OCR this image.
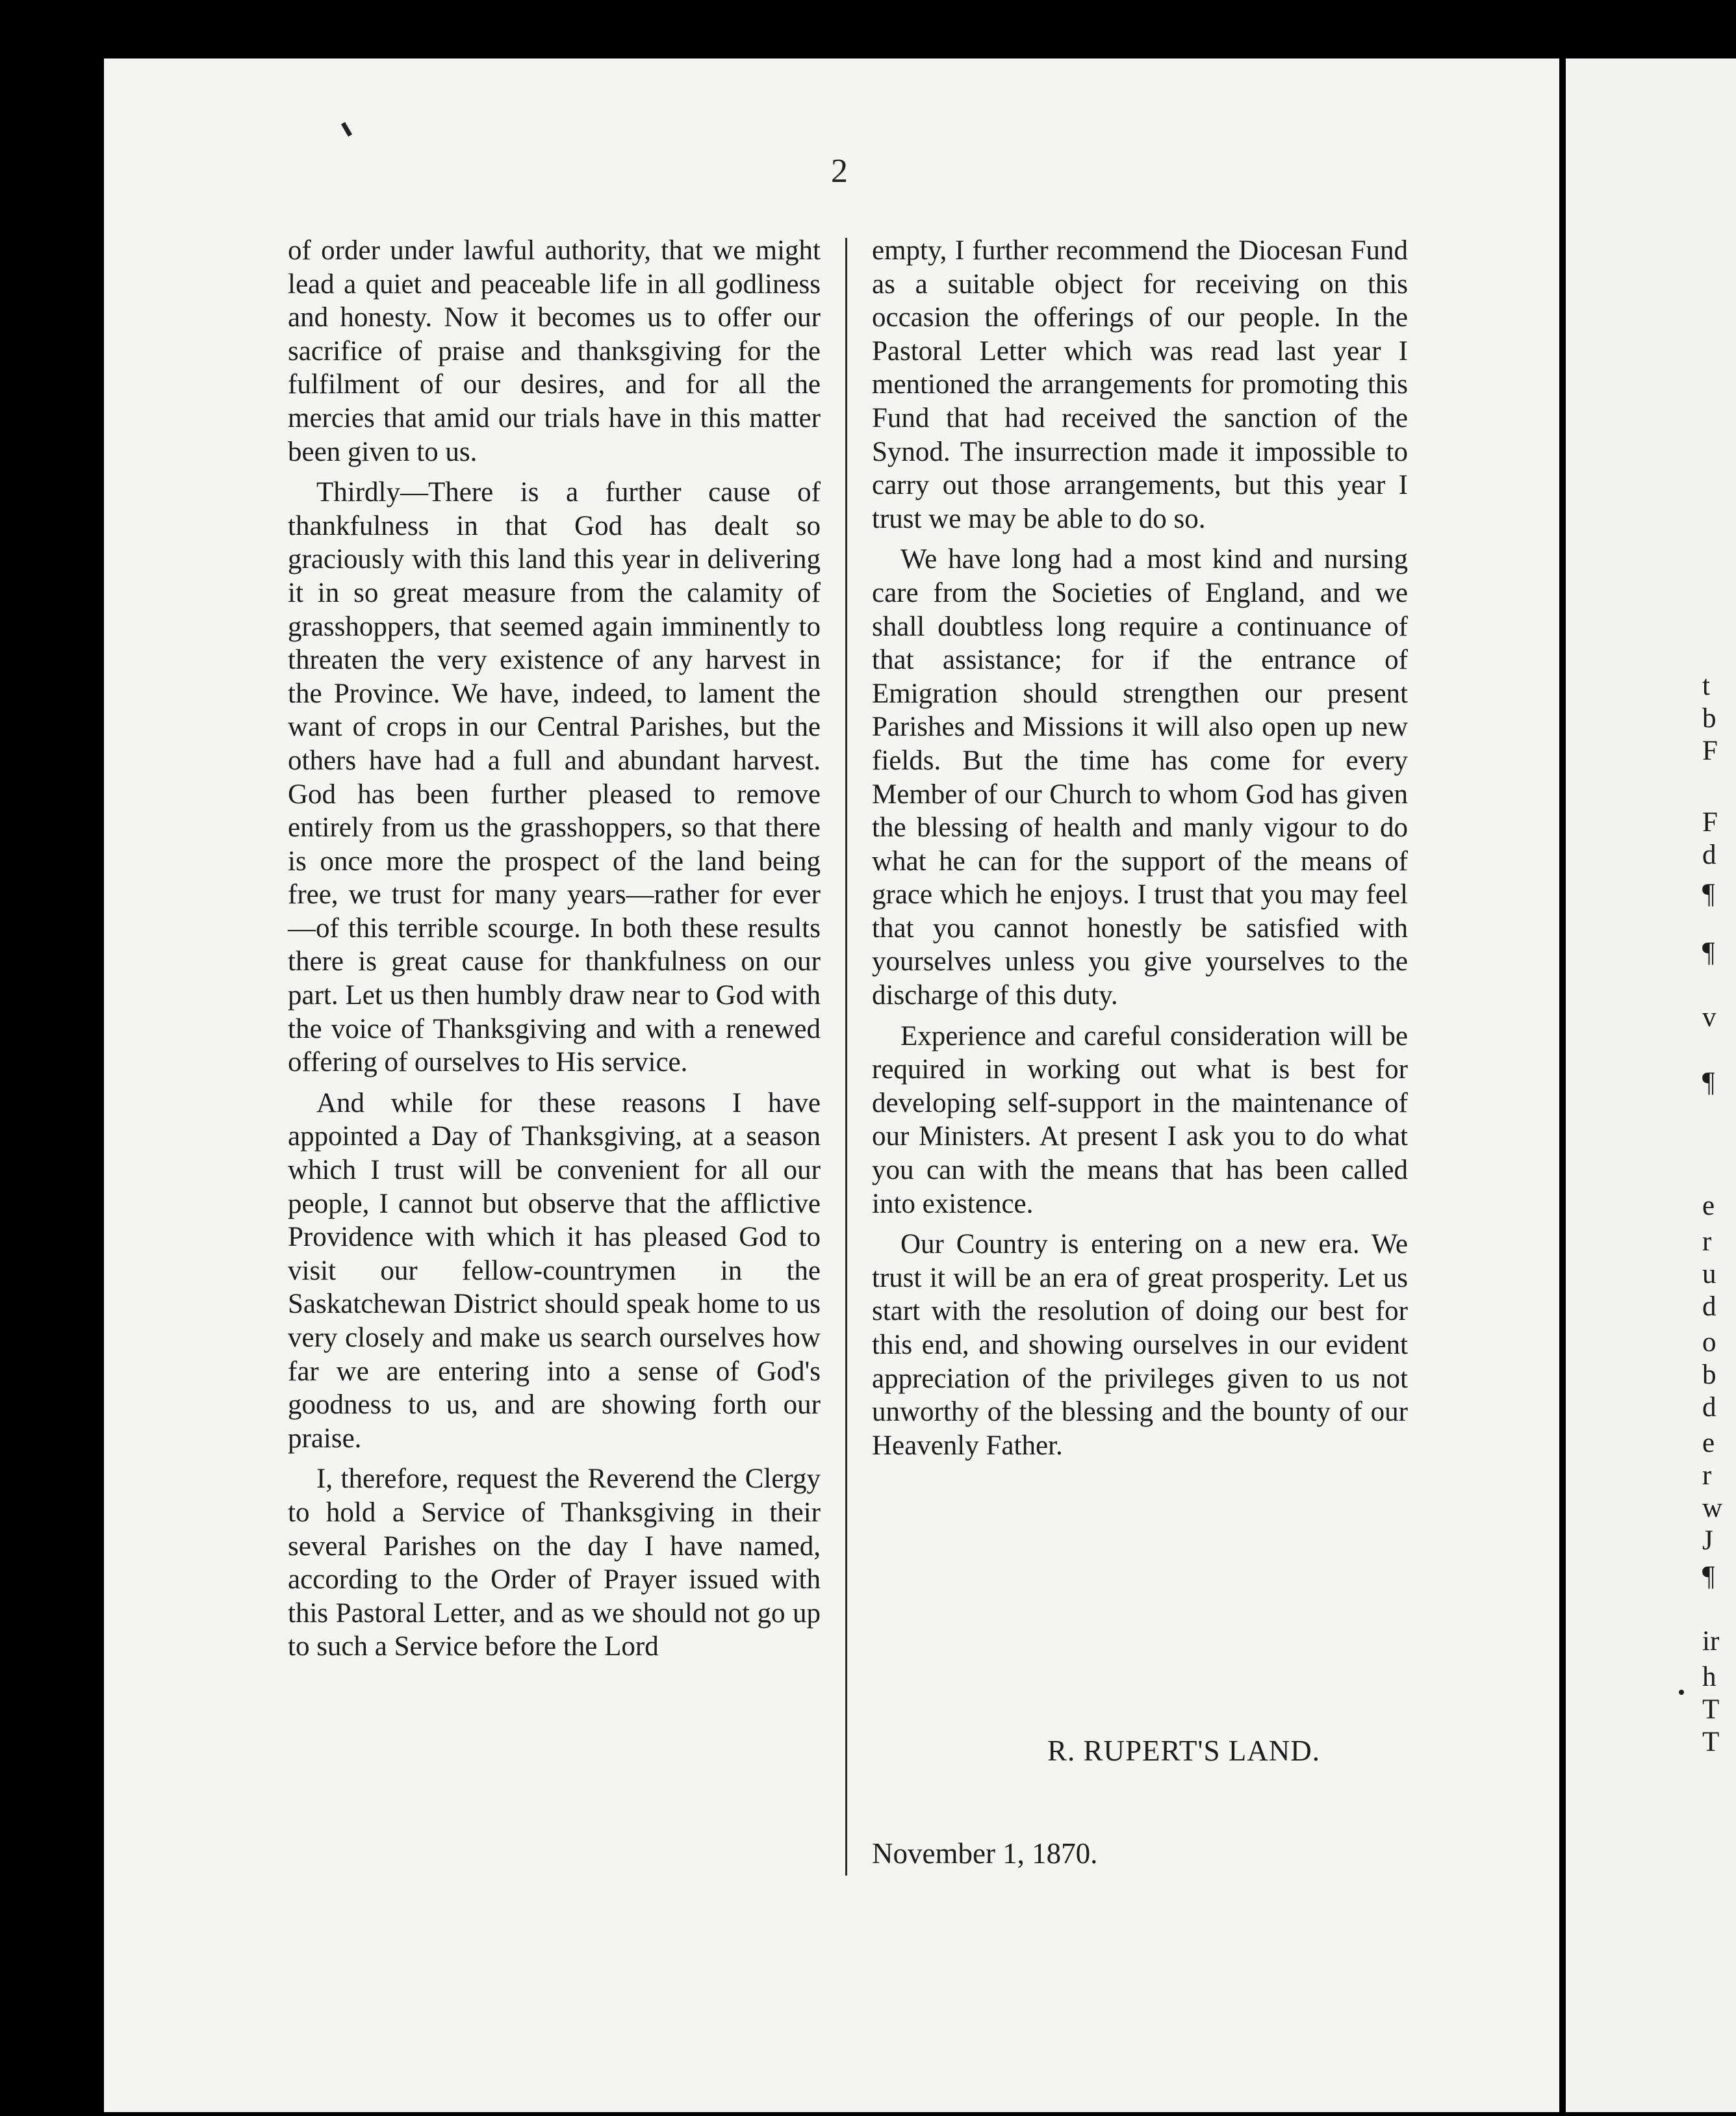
2

of order under lawful authority, that we might lead a quiet and peaceable life in all godliness and honesty. Now it becomes us to offer our sacrifice of praise and thanksgiving for the fulfilment of our desires, and for all the mercies that amid our trials have in this matter been given to us.

Thirdly—There is a further cause of thankfulness in that God has dealt so graciously with this land this year in delivering it in so great measure from the calamity of grasshoppers, that seemed again imminently to threaten the very existence of any harvest in the Province. We have, indeed, to lament the want of crops in our Central Parishes, but the others have had a full and abundant harvest. God has been further pleased to remove entirely from us the grasshoppers, so that there is once more the prospect of the land being free, we trust for many years—rather for ever—of this terrible scourge. In both these results there is great cause for thankfulness on our part. Let us then humbly draw near to God with the voice of Thanksgiving and with a renewed offering of ourselves to His service.

And while for these reasons I have appointed a Day of Thanksgiving, at a season which I trust will be convenient for all our people, I cannot but observe that the afflictive Providence with which it has pleased God to visit our fellow-countrymen in the Saskatchewan District should speak home to us very closely and make us search ourselves how far we are entering into a sense of God's goodness to us, and are showing forth our praise.

I, therefore, request the Reverend the Clergy to hold a Service of Thanksgiving in their several Parishes on the day I have named, according to the Order of Prayer issued with this Pastoral Letter, and as we should not go up to such a Service before the Lord

empty, I further recommend the Diocesan Fund as a suitable object for receiving on this occasion the offerings of our people. In the Pastoral Letter which was read last year I mentioned the arrangements for promoting this Fund that had received the sanction of the Synod. The insurrection made it impossible to carry out those arrangements, but this year I trust we may be able to do so.

We have long had a most kind and nursing care from the Societies of England, and we shall doubtless long require a continuance of that assistance; for if the entrance of Emigration should strengthen our present Parishes and Missions it will also open up new fields. But the time has come for every Member of our Church to whom God has given the blessing of health and manly vigour to do what he can for the support of the means of grace which he enjoys. I trust that you may feel that you cannot honestly be satisfied with yourselves unless you give yourselves to the discharge of this duty.

Experience and careful consideration will be required in working out what is best for developing self-support in the maintenance of our Ministers. At present I ask you to do what you can with the means that has been called into existence.

Our Country is entering on a new era. We trust it will be an era of great prosperity. Let us start with the resolution of doing our best for this end, and showing ourselves in our evident appreciation of the privileges given to us not unworthy of the blessing and the bounty of our Heavenly Father.

R. RUPERT'S LAND.
November 1, 1870.
t
b
F
F
d
¶
¶
v
¶
e
r
u
d
o
b
d
e
r
w
J
¶
ir
h
T
T
